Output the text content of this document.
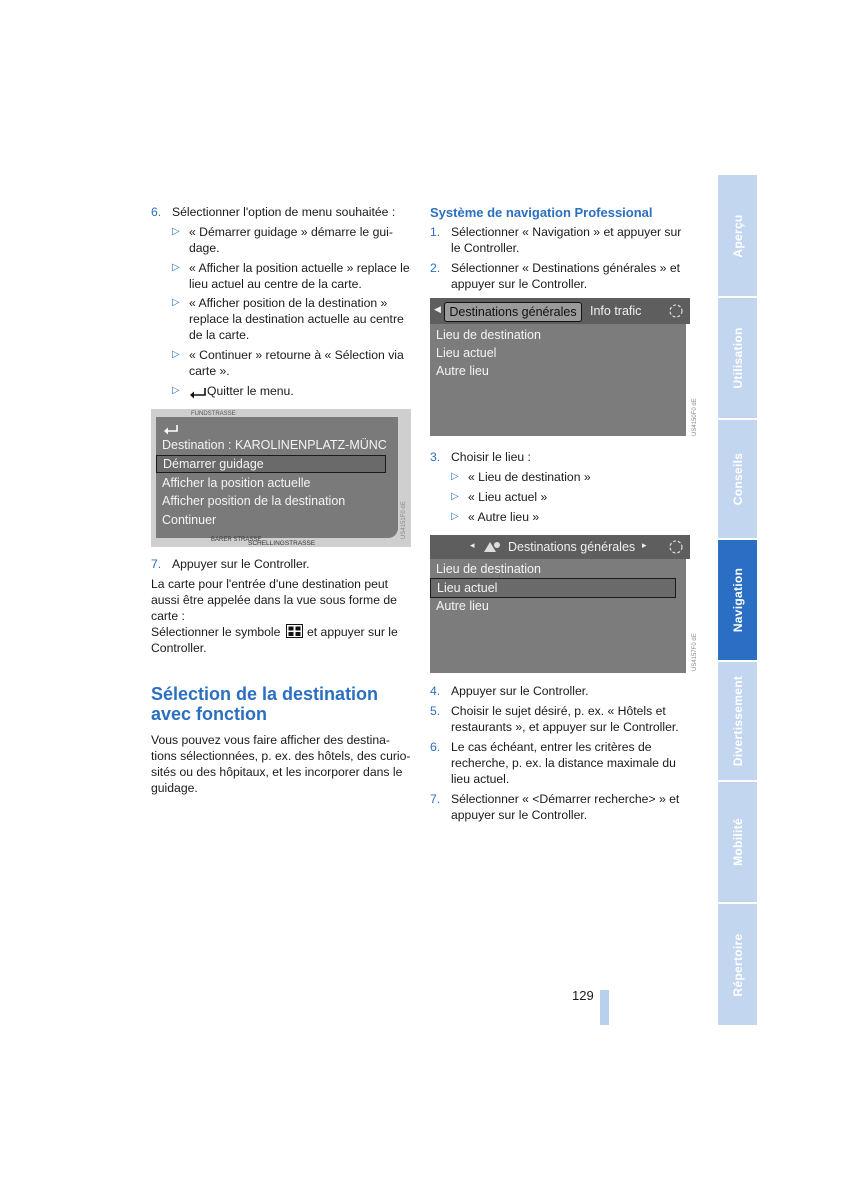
6. Sélectionner l'option de menu souhaitée :
▷ « Démarrer guidage » démarre le gui-
dage.
▷ « Afficher la position actuelle » replace le
lieu actuel au centre de la carte.
▷ « Afficher position de la destination »
replace la destination actuelle au centre
de la carte.
▷ « Continuer » retourne à « Sélection via
carte ».
▷ Quitter le menu.
FUNDSTRASSE
Destination : KAROLINENPLATZ-MÜNC
Démarrer guidage
Afficher la position actuelle
Afficher position de la destination
Continuer
BARER STRASSE
SCHELLINGSTRASSE
US4151F0 dE
7. Appuyer sur le Controller.
La carte pour l'entrée d'une destination peut
aussi être appelée dans la vue sous forme de
carte :
Sélectionner le symbole et appuyer sur le
Controller.
Sélection de la destination
avec fonction
Vous pouvez vous faire afficher des destina-
tions sélectionnées, p. ex. des hôtels, des curio-
sités ou des hôpitaux, et les incorporer dans le
guidage.
Système de navigation Professional
1. Sélectionner « Navigation » et appuyer sur
le Controller.
2. Sélectionner « Destinations générales » et
appuyer sur le Controller.
◀ Destinations générales	Info trafic
Lieu de destination
Lieu actuel
Autre lieu
US4150F0 dE
3. Choisir le lieu :
▷ « Lieu de destination »
▷ « Lieu actuel »
▷ « Autre lieu »
◂	Destinations générales ▸
Lieu de destination
Lieu actuel
Autre lieu
US4157F0 dE
4. Appuyer sur le Controller.
5. Choisir le sujet désiré, p. ex. « Hôtels et
restaurants », et appuyer sur le Controller.
6. Le cas échéant, entrer les critères de
recherche, p. ex. la distance maximale du
lieu actuel.
7. Sélectionner « <Démarrer recherche> » et
appuyer sur le Controller.
129
Aperçu
Utilisation
Conseils
Navigation
Divertissement
Mobilité
Répertoire
